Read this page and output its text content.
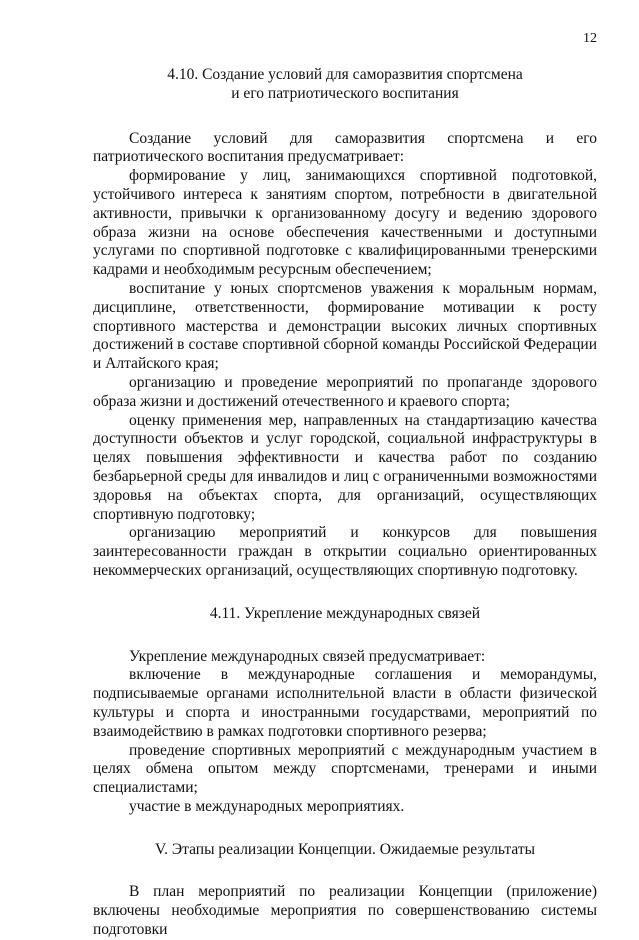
12
4.10. Создание условий для саморазвития спортсмена
и его патриотического воспитания

Создание условий для саморазвития спортсмена и его патриотического воспитания предусматривает:

формирование у лиц, занимающихся спортивной подготовкой, устойчивого интереса к занятиям спортом, потребности в двигательной активности, привычки к организованному досугу и ведению здорового образа жизни на основе обеспечения качественными и доступными услугами по спортивной подготовке с квалифицированными тренерскими кадрами и необходимым ресурсным обеспечением;

воспитание у юных спортсменов уважения к моральным нормам, дисциплине, ответственности, формирование мотивации к росту спортивного мастерства и демонстрации высоких личных спортивных достижений в составе спортивной сборной команды Российской Федерации и Алтайского края;

организацию и проведение мероприятий по пропаганде здорового образа жизни и достижений отечественного и краевого спорта;

оценку применения мер, направленных на стандартизацию качества доступности объектов и услуг городской, социальной инфраструктуры в целях повышения эффективности и качества работ по созданию безбарьерной среды для инвалидов и лиц с ограниченными возможностями здоровья на объектах спорта, для организаций, осуществляющих спортивную подготовку;

организацию мероприятий и конкурсов для повышения заинтересованности граждан в открытии социально ориентированных некоммерческих организаций, осуществляющих спортивную подготовку.

4.11. Укрепление международных связей

Укрепление международных связей предусматривает:

включение в международные соглашения и меморандумы, подписываемые органами исполнительной власти в области физической культуры и спорта и иностранными государствами, мероприятий по взаимодействию в рамках подготовки спортивного резерва;

проведение спортивных мероприятий с международным участием в целях обмена опытом между спортсменами, тренерами и иными специалистами;

участие в международных мероприятиях.

V. Этапы реализации Концепции. Ожидаемые результаты

В план мероприятий по реализации Концепции (приложение) включены необходимые мероприятия по совершенствованию системы подготовки
